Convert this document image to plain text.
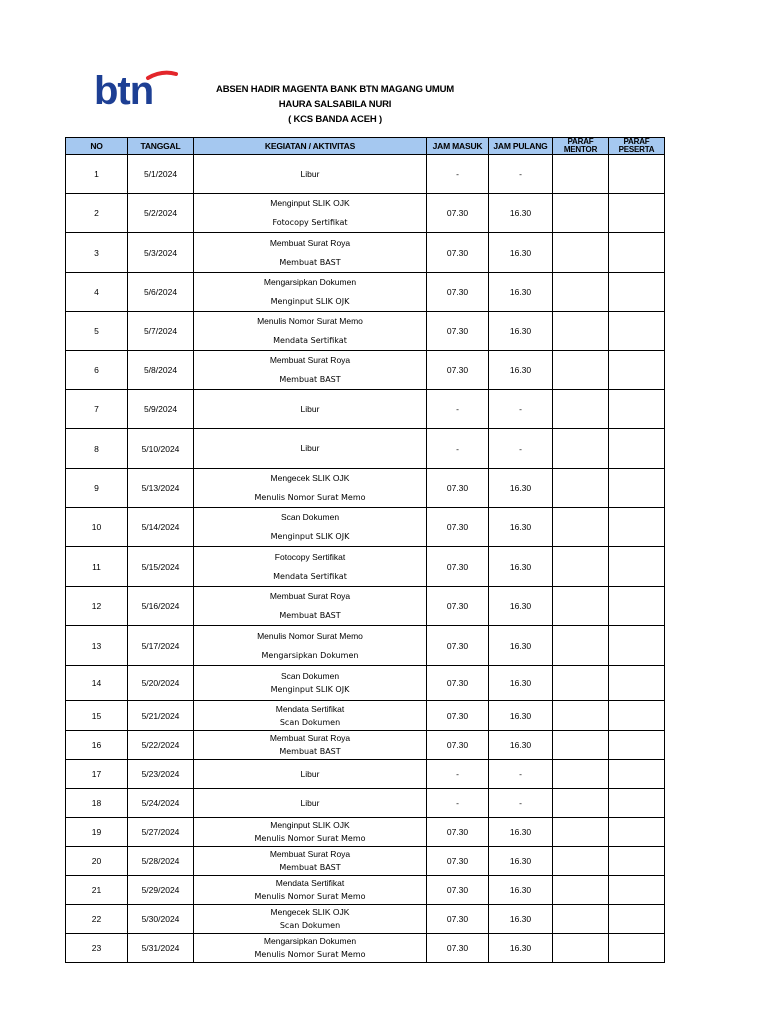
btn	ABSEN HADIR MAGENTA BANK BTN MAGANG UMUM
HAURA SALSABILA NURI
( KCS BANDA ACEH )
NO	TANGGAL	KEGIATAN / AKTIVITAS	JAM MASUK	JAM PULANG	PARAF MENTOR	PARAF PESERTA
1	5/1/2024	Libur	-	-		
2	5/2/2024	Menginput SLIK OJK
Fotocopy Sertifikat	07.30	16.30		
3	5/3/2024	Membuat Surat Roya
Membuat BAST	07.30	16.30		
4	5/6/2024	Mengarsipkan Dokumen
Menginput SLIK OJK	07.30	16.30		
5	5/7/2024	Menulis Nomor Surat Memo
Mendata Sertifikat	07.30	16.30		
6	5/8/2024	Membuat Surat Roya
Membuat BAST	07.30	16.30		
7	5/9/2024	Libur	-	-		
8	5/10/2024	Libur	-	-		
9	5/13/2024	Mengecek SLIK OJK
Menulis Nomor Surat Memo	07.30	16.30		
10	5/14/2024	Scan Dokumen
Menginput SLIK OJK	07.30	16.30		
11	5/15/2024	Fotocopy Sertifikat
Mendata Sertifikat	07.30	16.30		
12	5/16/2024	Membuat Surat Roya
Membuat BAST	07.30	16.30		
13	5/17/2024	Menulis Nomor Surat Memo
Mengarsipkan Dokumen	07.30	16.30		
14	5/20/2024	Scan Dokumen
Menginput SLIK OJK	07.30	16.30		
15	5/21/2024	Mendata Sertifikat
Scan Dokumen	07.30	16.30		
16	5/22/2024	Membuat Surat Roya
Membuat BAST	07.30	16.30		
17	5/23/2024	Libur	-	-		
18	5/24/2024	Libur	-	-		
19	5/27/2024	Menginput SLIK OJK
Menulis Nomor Surat Memo	07.30	16.30		
20	5/28/2024	Membuat Surat Roya
Membuat BAST	07.30	16.30		
21	5/29/2024	Mendata Sertifikat
Menulis Nomor Surat Memo	07.30	16.30		
22	5/30/2024	Mengecek SLIK OJK
Scan Dokumen	07.30	16.30		
23	5/31/2024	Mengarsipkan Dokumen
Menulis Nomor Surat Memo	07.30	16.30		
